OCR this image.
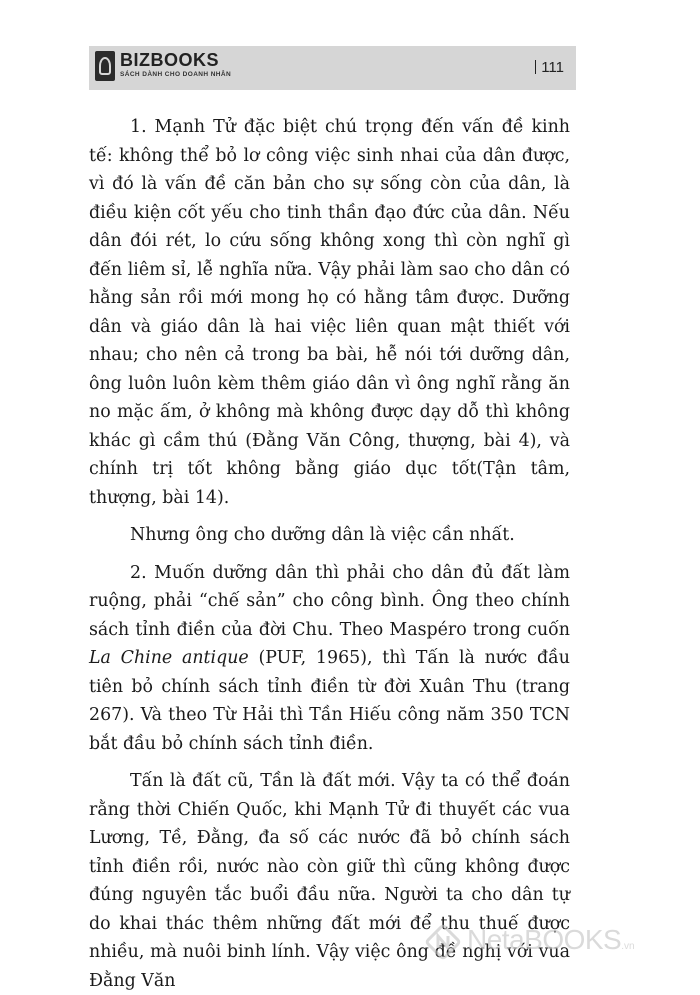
BIZBOOKS
SÁCH DÀNH CHO DOANH NHÂN	111

1. Mạnh Tử đặc biệt chú trọng đến vấn đề kinh tế: không thể bỏ lơ công việc sinh nhai của dân được, vì đó là vấn đề căn bản cho sự sống còn của dân, là điều kiện cốt yếu cho tinh thần đạo đức của dân. Nếu dân đói rét, lo cứu sống không xong thì còn nghĩ gì đến liêm sỉ, lễ nghĩa nữa. Vậy phải làm sao cho dân có hằng sản rồi mới mong họ có hằng tâm được. Dưỡng dân và giáo dân là hai việc liên quan mật thiết với nhau; cho nên cả trong ba bài, hễ nói tới dưỡng dân, ông luôn luôn kèm thêm giáo dân vì ông nghĩ rằng ăn no mặc ấm, ở không mà không được dạy dỗ thì không khác gì cầm thú (Đằng Văn Công, thượng, bài 4), và chính trị tốt không bằng giáo dục tốt(Tận tâm, thượng, bài 14).

Nhưng ông cho dưỡng dân là việc cần nhất.

2. Muốn dưỡng dân thì phải cho dân đủ đất làm ruộng, phải “chế sản” cho công bình. Ông theo chính sách tỉnh điền của đời Chu. Theo Maspéro trong cuốn La Chine antique (PUF, 1965), thì Tấn là nước đầu tiên bỏ chính sách tỉnh điền từ đời Xuân Thu (trang 267). Và theo Từ Hải thì Tần Hiếu công năm 350 TCN bắt đầu bỏ chính sách tỉnh điền.

Tấn là đất cũ, Tần là đất mới. Vậy ta có thể đoán rằng thời Chiến Quốc, khi Mạnh Tử đi thuyết các vua Lương, Tề, Đằng, đa số các nước đã bỏ chính sách tỉnh điền rồi, nước nào còn giữ thì cũng không được đúng nguyên tắc buổi đầu nữa. Người ta cho dân tự do khai thác thêm những đất mới để thu thuế được nhiều, mà nuôi binh lính. Vậy việc ông đề nghị với vua Đằng Văn

NetaBOOKS.vn
